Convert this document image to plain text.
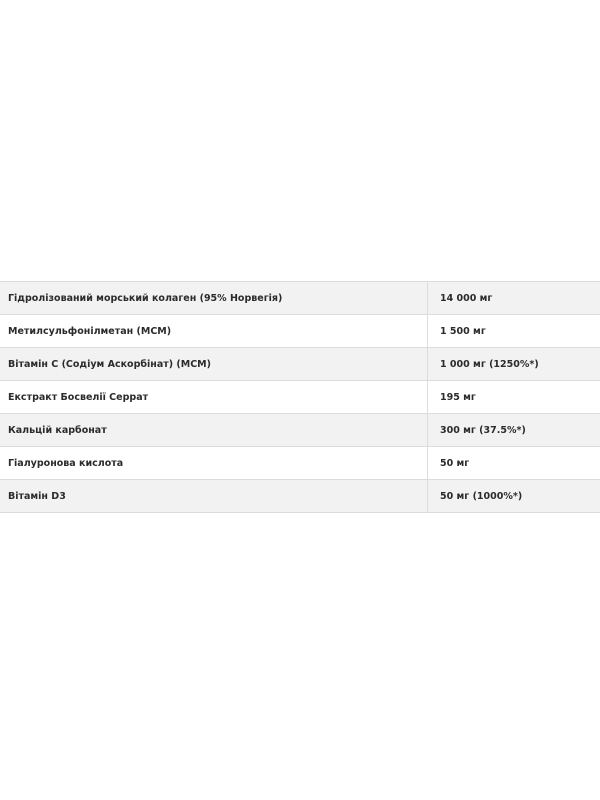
Гідролізований морський колаген (95% Норвегія)	14 000 мг
Метилсульфонілметан (MCM)	1 500 мг
Вітамін С (Содіум Аскорбінат) (MCM)	1 000 мг (1250%*)
Екстракт Босвелії Серрат	195 мг
Кальцій карбонат	300 мг (37.5%*)
Гіалуронова кислота	50 мг
Вітамін D3	50 мг (1000%*)
